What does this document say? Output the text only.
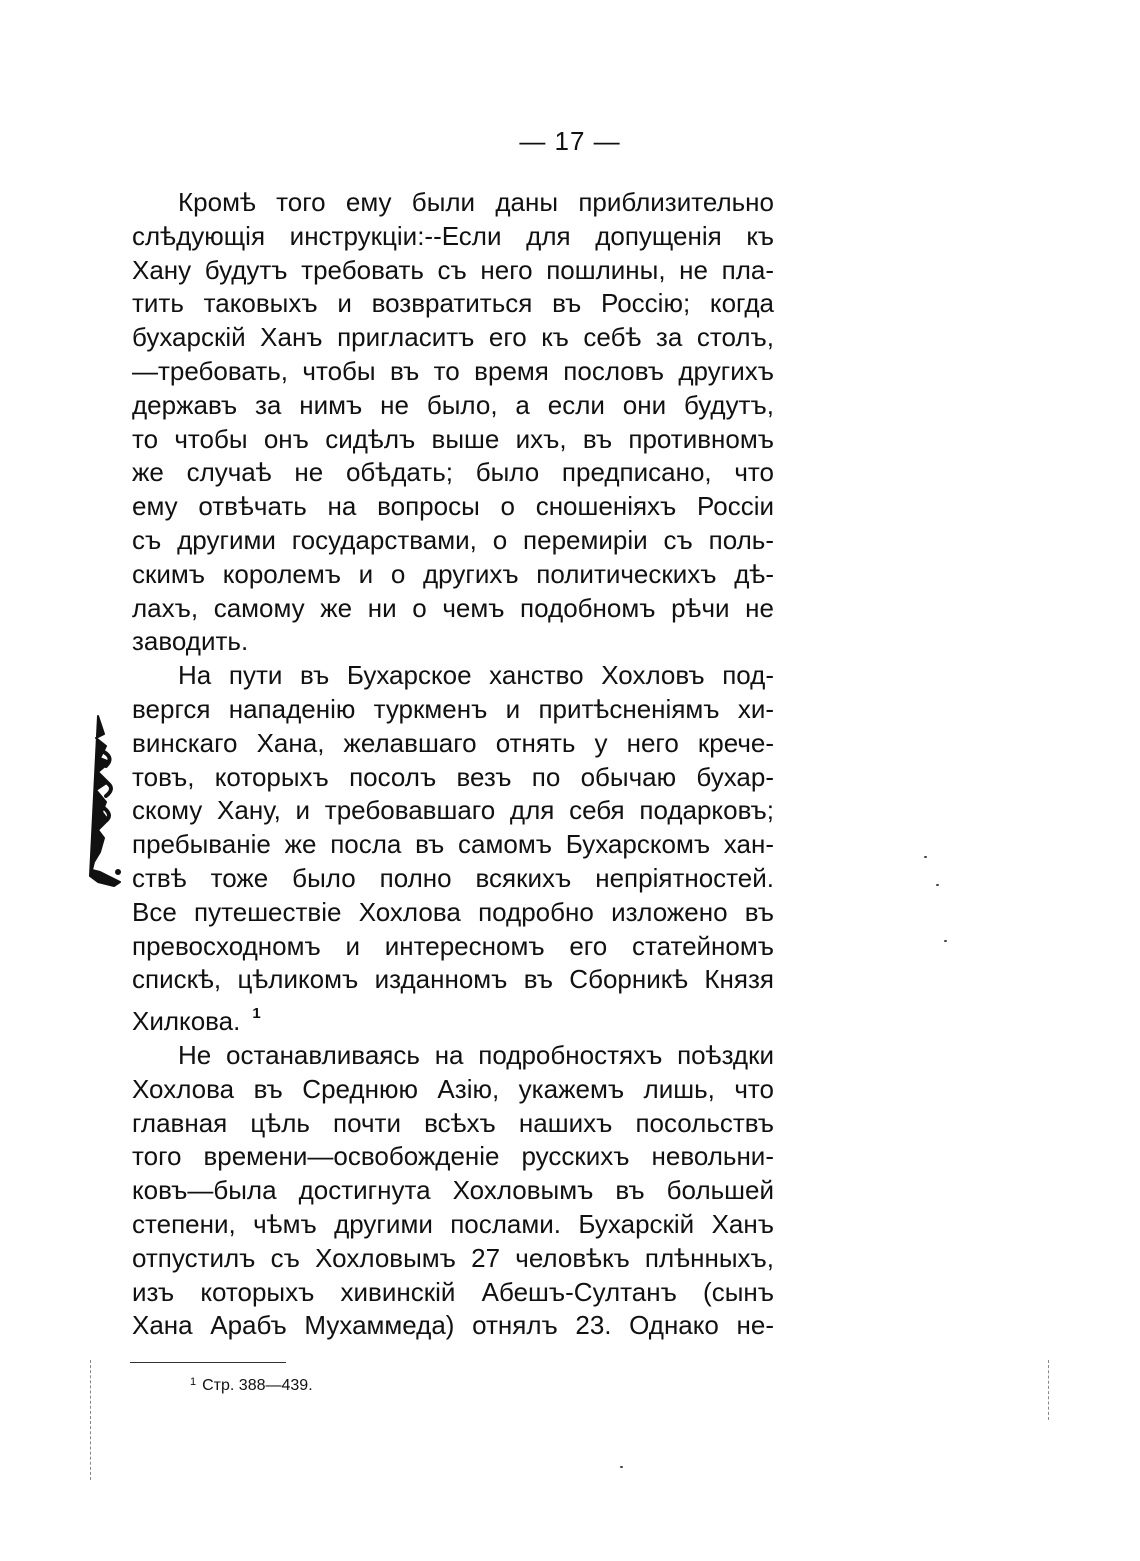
— 17 —
Кромѣ того ему были даны приблизительно
слѣдующія инструкціи:--Если для допущенія къ
Хану будутъ требовать съ него пошлины, не пла-
тить таковыхъ и возвратиться въ Россію; когда
бухарскій Ханъ пригласитъ его къ себѣ за столъ,
—требовать, чтобы въ то время пословъ другихъ
державъ за нимъ не было, а если они будутъ,
то чтобы онъ сидѣлъ выше ихъ, въ противномъ
же случаѣ не обѣдать; было предписано, что
ему отвѣчать на вопросы о сношеніяхъ Россіи
съ другими государствами, о перемиріи съ поль-
скимъ королемъ и о другихъ политическихъ дѣ-
лахъ, самому же ни о чемъ подобномъ рѣчи не
заводить.
На пути въ Бухарское ханство Хохловъ под-
вергся нападенію туркменъ и притѣсненіямъ хи-
винскаго Хана, желавшаго отнять у него кречe-
товъ, которыхъ посолъ везъ по обычаю бухар-
скому Хану, и требовавшаго для себя подарковъ;
пребываніе же посла въ самомъ Бухарскомъ хан-
ствѣ тоже было полно всякихъ непріятностей.
Все путешествіе Хохлова подробно изложено въ
превосходномъ и интересномъ его статейномъ
спискѣ, цѣликомъ изданномъ въ Сборникѣ Князя
Хилкова. $^1$
Не останавливаясь на подробностяхъ поѣздки
Хохлова въ Среднюю Азію, укажемъ лишь, что
главная цѣль почти всѣхъ нашихъ посольствъ
того времени—освобожденіе русскихъ невольни-
ковъ—была достигнута Хохловымъ въ большей
степени, чѣмъ другими послами. Бухарскій Ханъ
отпустилъ съ Хохловымъ 27 человѣкъ плѣнныхъ,
изъ которыхъ хивинскій Абешъ-Султанъ (сынъ
Хана Арабъ Мухаммеда) отнялъ 23. Однако не-
$^1$ Стр. 388—439.
